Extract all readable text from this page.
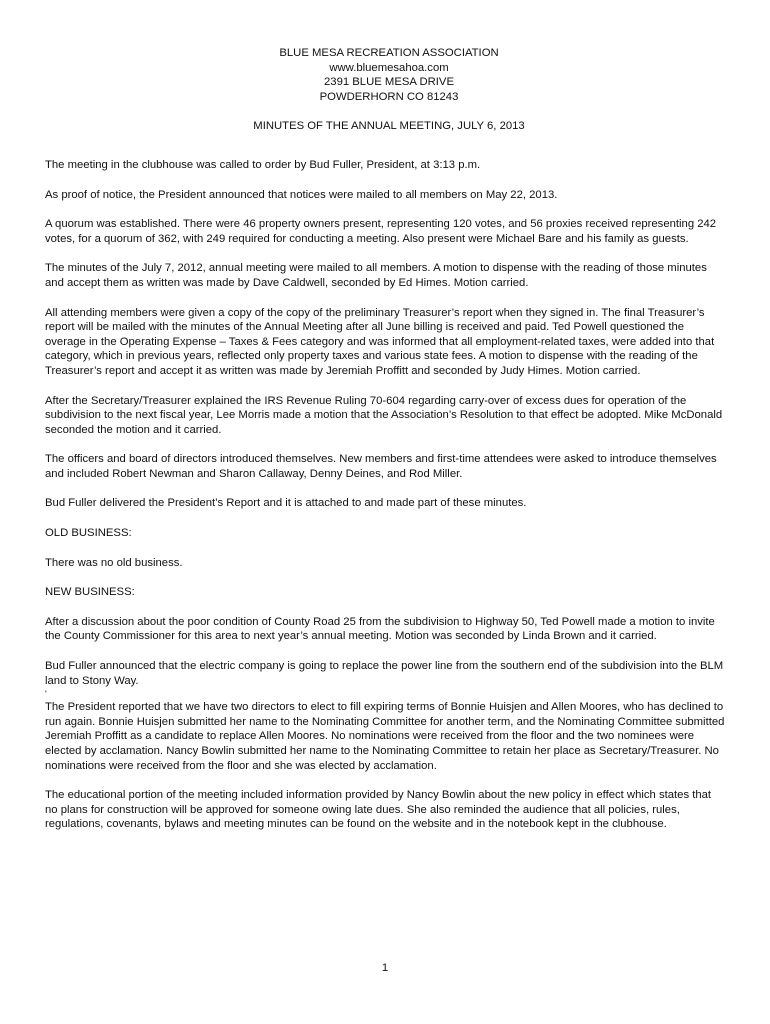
BLUE MESA RECREATION ASSOCIATION
www.bluemesahoa.com
2391 BLUE MESA DRIVE
POWDERHORN CO 81243
MINUTES OF THE ANNUAL MEETING, JULY 6, 2013

The meeting in the clubhouse was called to order by Bud Fuller, President, at 3:13 p.m.

As proof of notice, the President announced that notices were mailed to all members on May 22, 2013.

A quorum was established. There were 46 property owners present, representing 120 votes, and 56 proxies received representing 242 votes, for a quorum of 362, with 249 required for conducting a meeting. Also present were Michael Bare and his family as guests.

The minutes of the July 7, 2012, annual meeting were mailed to all members. A motion to dispense with the reading of those minutes and accept them as written was made by Dave Caldwell, seconded by Ed Himes. Motion carried.

All attending members were given a copy of the copy of the preliminary Treasurer’s report when they signed in. The final Treasurer’s report will be mailed with the minutes of the Annual Meeting after all June billing is received and paid. Ted Powell questioned the overage in the Operating Expense – Taxes & Fees category and was informed that all employment-related taxes, were added into that category, which in previous years, reflected only property taxes and various state fees. A motion to dispense with the reading of the Treasurer’s report and accept it as written was made by Jeremiah Proffitt and seconded by Judy Himes. Motion carried.

After the Secretary/Treasurer explained the IRS Revenue Ruling 70-604 regarding carry-over of excess dues for operation of the subdivision to the next fiscal year, Lee Morris made a motion that the Association’s Resolution to that effect be adopted. Mike McDonald seconded the motion and it carried.

The officers and board of directors introduced themselves. New members and first-time attendees were asked to introduce themselves and included Robert Newman and Sharon Callaway, Denny Deines, and Rod Miller.

Bud Fuller delivered the President’s Report and it is attached to and made part of these minutes.

OLD BUSINESS:

There was no old business.

NEW BUSINESS:

After a discussion about the poor condition of County Road 25 from the subdivision to Highway 50, Ted Powell made a motion to invite the County Commissioner for this area to next year’s annual meeting. Motion was seconded by Linda Brown and it carried.

Bud Fuller announced that the electric company is going to replace the power line from the southern end of the subdivision into the BLM land to Stony Way.

'

The President reported that we have two directors to elect to fill expiring terms of Bonnie Huisjen and Allen Moores, who has declined to run again. Bonnie Huisjen submitted her name to the Nominating Committee for another term, and the Nominating Committee submitted Jeremiah Proffitt as a candidate to replace Allen Moores. No nominations were received from the floor and the two nominees were elected by acclamation. Nancy Bowlin submitted her name to the Nominating Committee to retain her place as Secretary/Treasurer. No nominations were received from the floor and she was elected by acclamation.

The educational portion of the meeting included information provided by Nancy Bowlin about the new policy in effect which states that no plans for construction will be approved for someone owing late dues. She also reminded the audience that all policies, rules, regulations, covenants, bylaws and meeting minutes can be found on the website and in the notebook kept in the clubhouse.

1
